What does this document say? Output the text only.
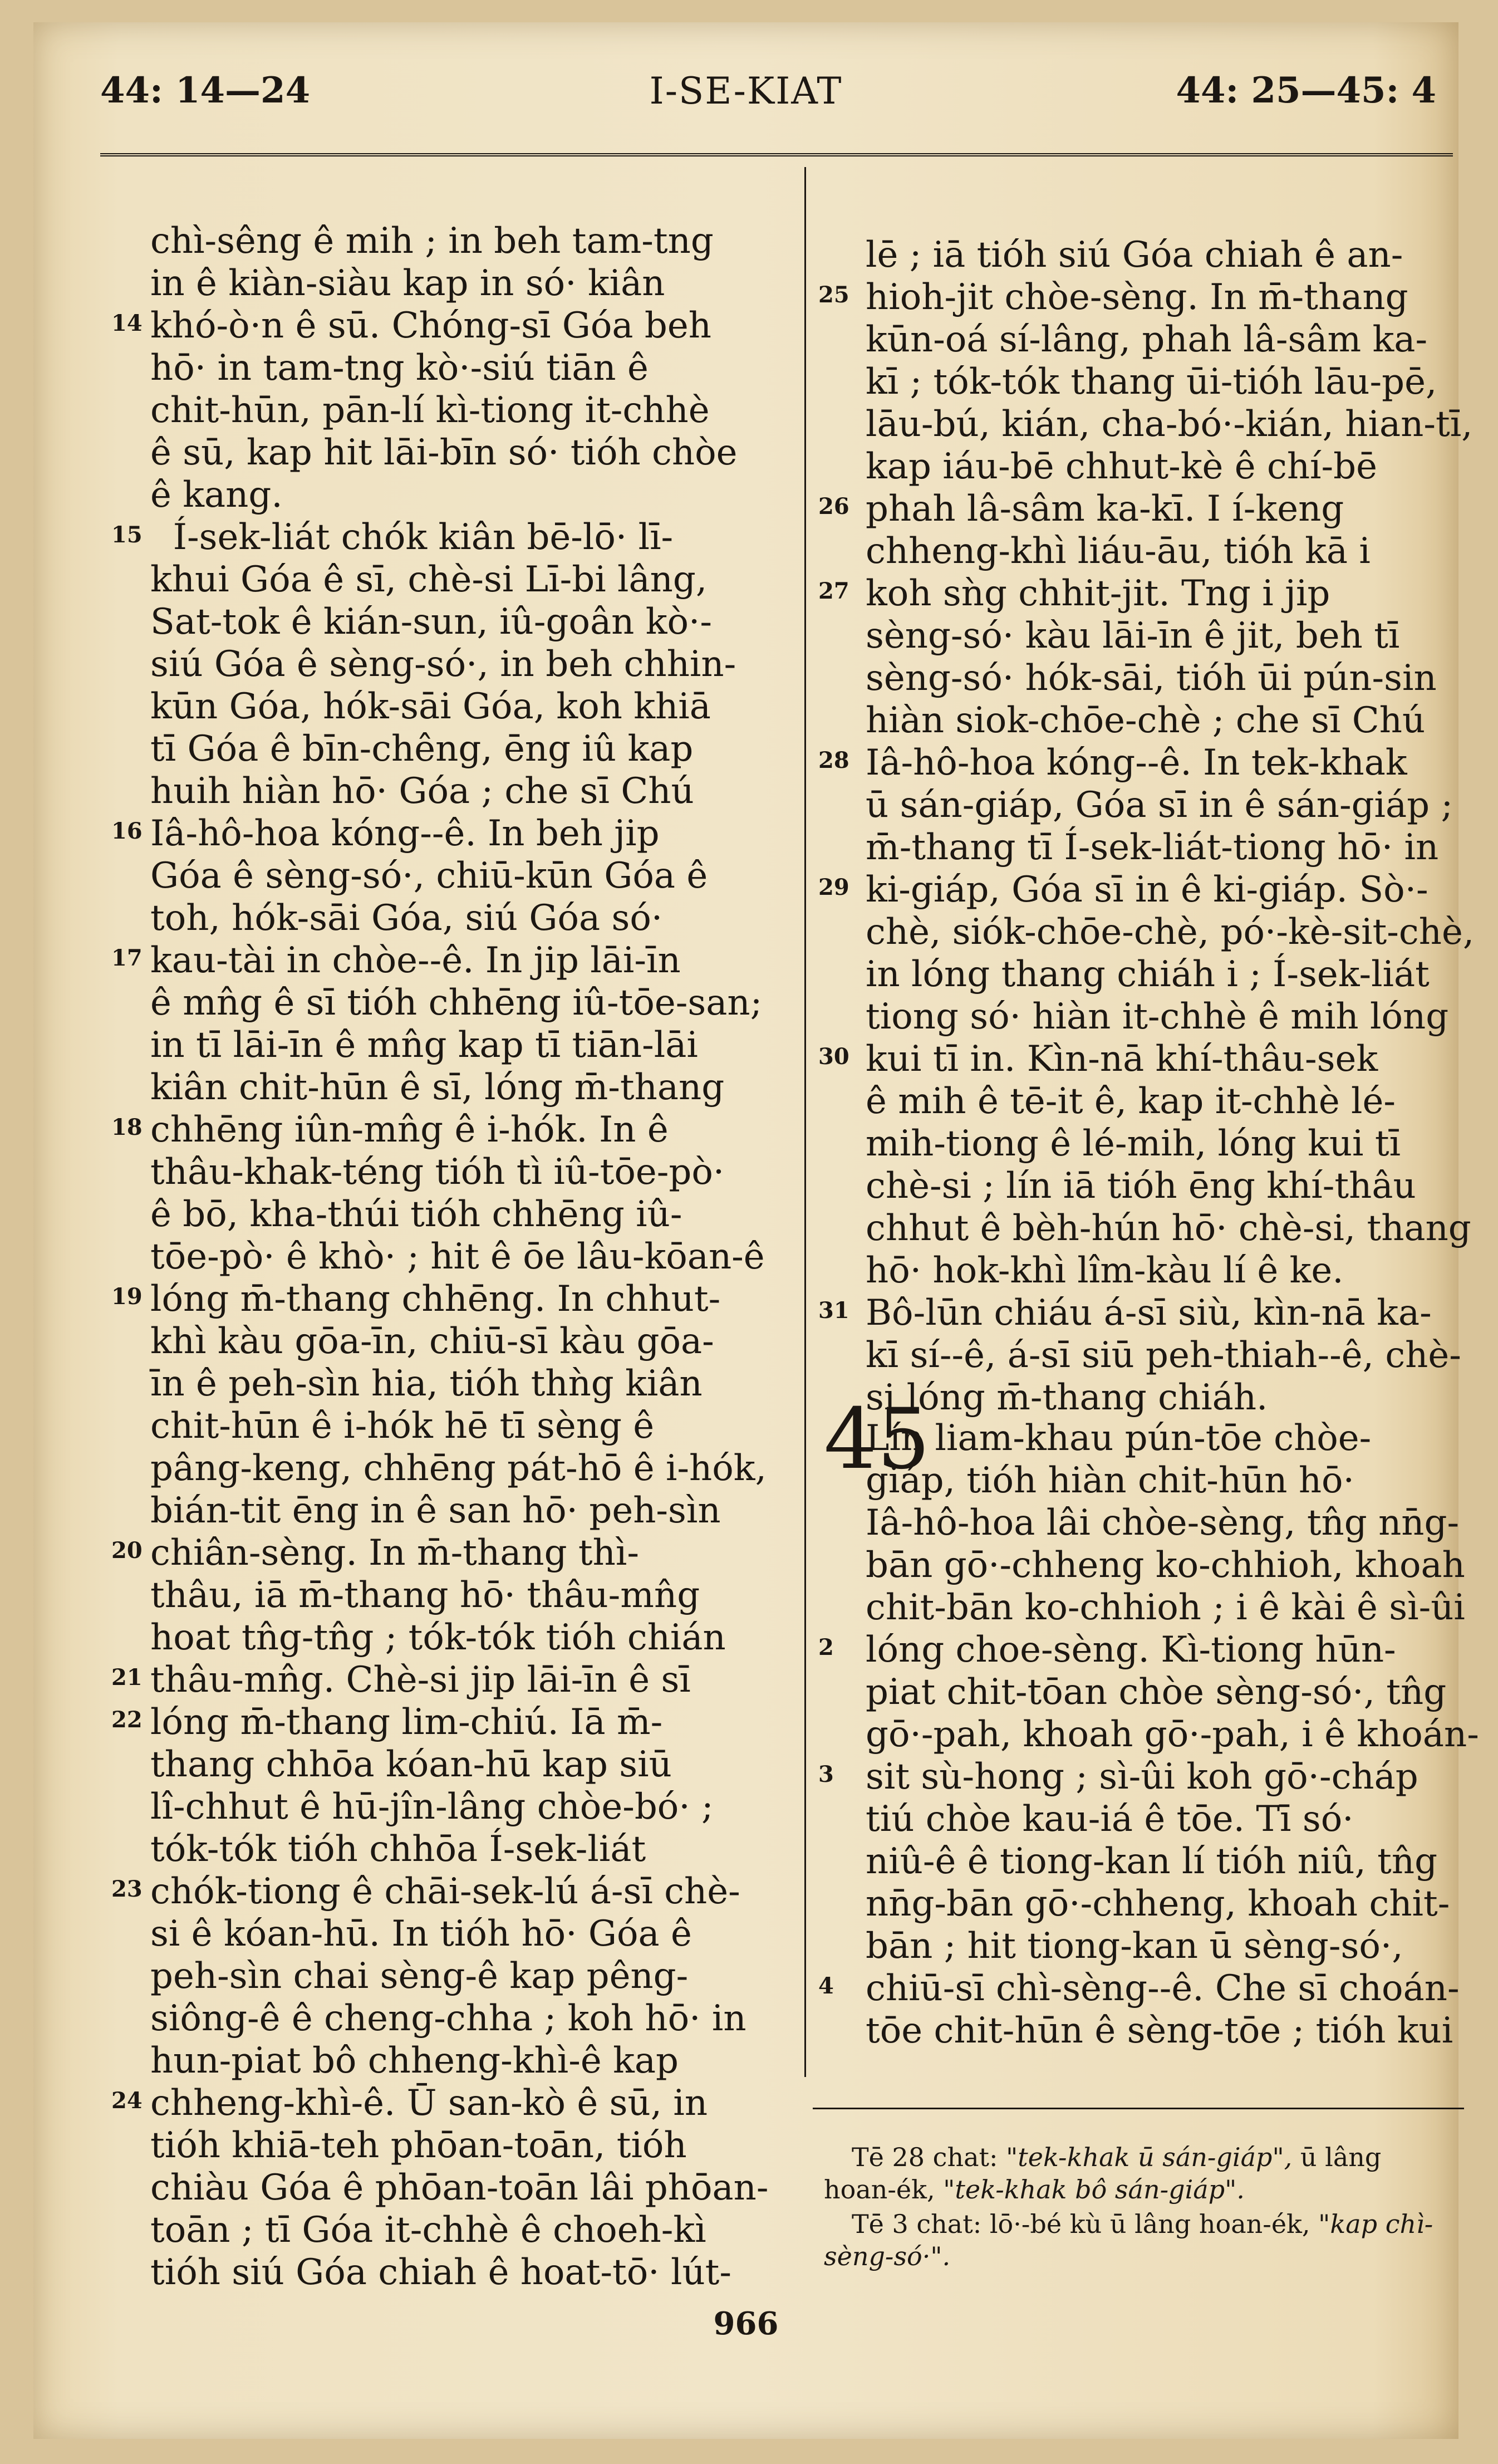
44: 14—24	I-SE-KIAT	44: 25—45: 4
chì-sêng ê mih ; in beh tam-tng
in ê kiàn-siàu kap in só· kiân
khó-ò·n ê sū. Chóng-sī Góa beh
hō· in tam-tng kò·-siú tiān ê
chit-hūn, pān-lí kì-tiong it-chhè
ê sū, kap hit lāi-bīn só· tióh chòe
ê kang.
Í-sek-liát chók kiân bē-lō· lī-
khui Góa ê sī, chè-si Lī-bi lâng,
Sat-tok ê kián-sun, iû-goân kò·-
siú Góa ê sèng-só·, in beh chhin-
kūn Góa, hók-sāi Góa, koh khiā
tī Góa ê bīn-chêng, ēng iû kap
huih hiàn hō· Góa ; che sī Chú
Iâ-hô-hoa kóng--ê. In beh jip
Góa ê sèng-só·, chiū-kūn Góa ê
toh, hók-sāi Góa, siú Góa só·
kau-tài in chòe--ê. In jip lāi-īn
ê mn̂g ê sī tióh chhēng iû-tōe-san;
in tī lāi-īn ê mn̂g kap tī tiān-lāi
kiân chit-hūn ê sī, lóng m̄-thang
chhēng iûn-mn̂g ê i-hók. In ê
thâu-khak-téng tióh tì iû-tōe-pò·
ê bō, kha-thúi tióh chhēng iû-
tōe-pò· ê khò· ; hit ê ōe lâu-kōan-ê
lóng m̄-thang chhēng. In chhut-
khì kàu gōa-īn, chiū-sī kàu gōa-
īn ê peh-sìn hia, tióh thǹg kiân
chit-hūn ê i-hók hē tī sèng ê
pâng-keng, chhēng pát-hō ê i-hók,
bián-tit ēng in ê san hō· peh-sìn
chiân-sèng. In m̄-thang thì-
thâu, iā m̄-thang hō· thâu-mn̂g
hoat tn̂g-tn̂g ; tók-tók tióh chián
thâu-mn̂g. Chè-si jip lāi-īn ê sī
lóng m̄-thang lim-chiú. Iā m̄-
thang chhōa kóan-hū kap siū
lî-chhut ê hū-jîn-lâng chòe-bó· ;
tók-tók tióh chhōa Í-sek-liát
chók-tiong ê chāi-sek-lú á-sī chè-
si ê kóan-hū. In tióh hō· Góa ê
peh-sìn chai sèng-ê kap pêng-
siông-ê ê cheng-chha ; koh hō· in
hun-piat bô chheng-khì-ê kap
chheng-khì-ê. Ū san-kò ê sū, in
tióh khiā-teh phōan-toān, tióh
chiàu Góa ê phōan-toān lâi phōan-
toān ; tī Góa it-chhè ê choeh-kì
tióh siú Góa chiah ê hoat-tō· lút-
14
15
16
17
18
19
20
21
22
23
24
lē ; iā tióh siú Góa chiah ê an-
hioh-jit chòe-sèng. In m̄-thang
kūn-oá sí-lâng, phah lâ-sâm ka-
kī ; tók-tók thang ūi-tióh lāu-pē,
lāu-bú, kián, cha-bó·-kián, hian-tī,
kap iáu-bē chhut-kè ê chí-bē
phah lâ-sâm ka-kī. I í-keng
chheng-khì liáu-āu, tióh kā i
koh sǹg chhit-jit. Tng i jip
sèng-só· kàu lāi-īn ê jit, beh tī
sèng-só· hók-sāi, tióh ūi pún-sin
hiàn siok-chōe-chè ; che sī Chú
Iâ-hô-hoa kóng--ê. In tek-khak
ū sán-giáp, Góa sī in ê sán-giáp ;
m̄-thang tī Í-sek-liát-tiong hō· in
ki-giáp, Góa sī in ê ki-giáp. Sò·-
chè, siók-chōe-chè, pó·-kè-sit-chè,
in lóng thang chiáh i ; Í-sek-liát
tiong só· hiàn it-chhè ê mih lóng
kui tī in. Kìn-nā khí-thâu-sek
ê mih ê tē-it ê, kap it-chhè lé-
mih-tiong ê lé-mih, lóng kui tī
chè-si ; lín iā tióh ēng khí-thâu
chhut ê bèh-hún hō· chè-si, thang
hō· hok-khì lîm-kàu lí ê ke.
Bô-lūn chiáu á-sī siù, kìn-nā ka-
kī sí--ê, á-sī siū peh-thiah--ê, chè-
si lóng m̄-thang chiáh.
25
26
27
28
29
30
31
45
Lín liam-khau pún-tōe chòe-
giáp, tióh hiàn chit-hūn hō·
Iâ-hô-hoa lâi chòe-sèng, tn̂g nn̄g-
bān gō·-chheng ko-chhioh, khoah
chit-bān ko-chhioh ; i ê kài ê sì-ûi
lóng choe-sèng. Kì-tiong hūn-
piat chit-tōan chòe sèng-só·, tn̂g
gō·-pah, khoah gō·-pah, i ê khoán-
sit sù-hong ; sì-ûi koh gō·-cháp
tiú chòe kau-iá ê tōe. Tī só·
niû-ê ê tiong-kan lí tióh niû, tn̂g
nn̄g-bān gō·-chheng, khoah chit-
bān ; hit tiong-kan ū sèng-só·,
chiū-sī chì-sèng--ê. Che sī choán-
tōe chit-hūn ê sèng-tōe ; tióh kui
2
3
4

Tē 28 chat: "tek-khak ū sán-giáp", ū lâng hoan-ék, "tek-khak bô sán-giáp".

Tē 3 chat: lō·-bé kù ū lâng hoan-ék, "kap chì-sèng-só·".

966
